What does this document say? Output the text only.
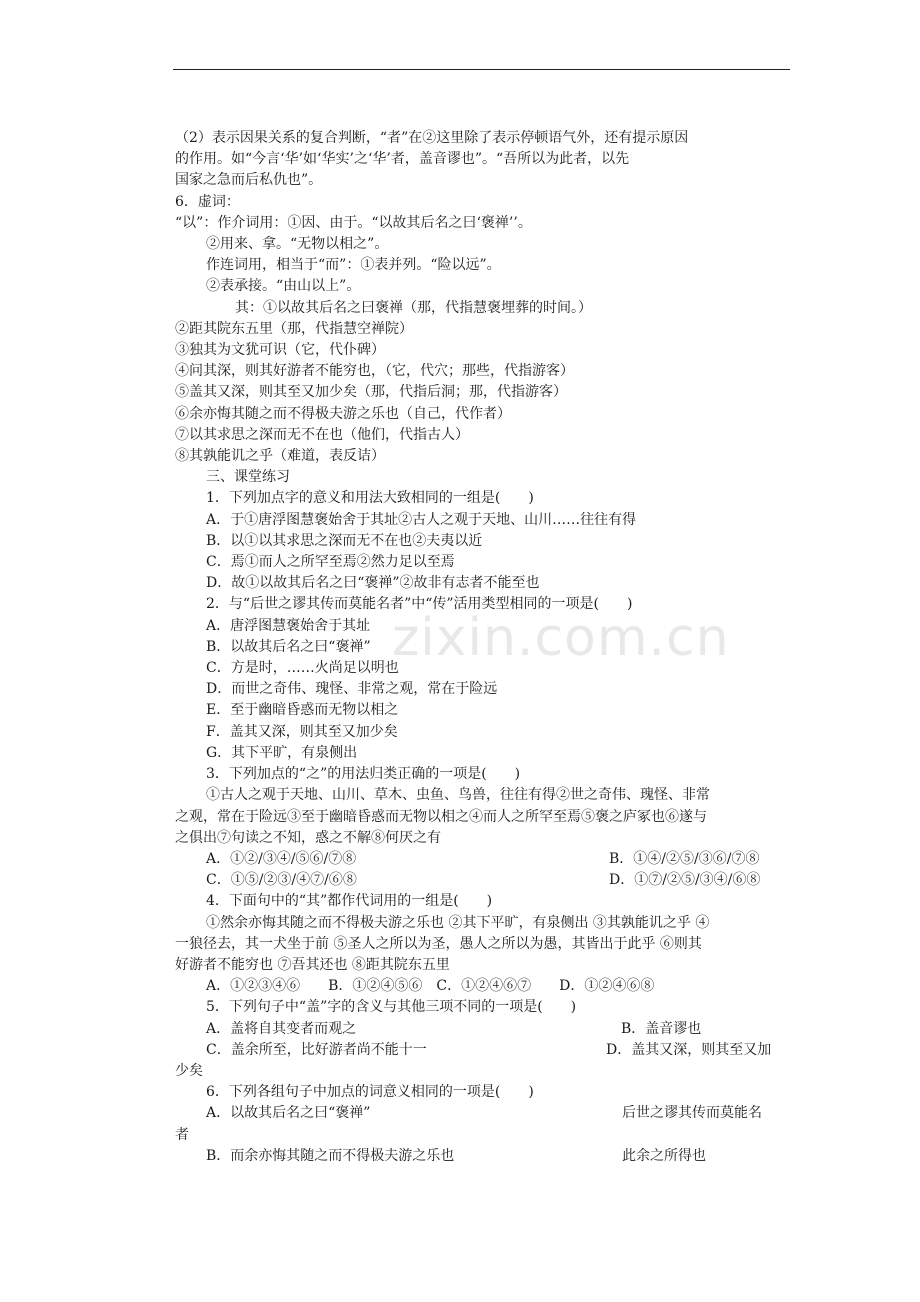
zixin.com.cn
（2）表示因果关系的复合判断，“者”在②这里除了表示停顿语气外，还有提示原因
的作用。如“今言‘华’如‘华实’之‘华’者，盖音谬也”。“吾所以为此者，以先
国家之急而后私仇也”。
6．虚词：
“以”：作介词用：①因、由于。“以故其后名之曰‘褒禅’’。
②用来、拿。“无物以相之”。
作连词用，相当于“而”：①表并列。“险以远”。
②表承接。“由山以上”。
其：①以故其后名之曰褒禅（那，代指慧褒埋葬的时间。）
②距其院东五里（那，代指慧空禅院）
③独其为文犹可识（它，代仆碑）
④问其深，则其好游者不能穷也，（它，代穴；那些，代指游客）
⑤盖其又深，则其至又加少矣（那，代指后洞；那，代指游客）
⑥余亦悔其随之而不得极夫游之乐也（自己，代作者）
⑦以其求思之深而无不在也（他们，代指古人）
⑧其孰能讥之乎（难道，表反诘）
三、课堂练习
1．下列加点字的意义和用法大致相同的一组是(　　)
A．于①唐浮图慧褒始舍于其址②古人之观于天地、山川……往往有得
B．以①以其求思之深而无不在也②夫夷以近
C．焉①而人之所罕至焉②然力足以至焉
D．故①以故其后名之曰“褒禅”②故非有志者不能至也
2．与“后世之谬其传而莫能名者”中“传”活用类型相同的一项是(　　)
A．唐浮图慧褒始舍于其址
B．以故其后名之曰“褒禅”
C．方是时，……火尚足以明也
D．而世之奇伟、瑰怪、非常之观，常在于险远
E．至于幽暗昏惑而无物以相之
F．盖其又深，则其至又加少矣
G．其下平旷，有泉侧出
3．下列加点的“之”的用法归类正确的一项是(　　)
①古人之观于天地、山川、草木、虫鱼、鸟兽，往往有得②世之奇伟、瑰怪、非常
之观，常在于险远③至于幽暗昏惑而无物以相之④而人之所罕至焉⑤褒之庐冢也⑥遂与
之俱出⑦句读之不知，惑之不解⑧何厌之有
A．①②/③④/⑤⑥/⑦⑧	B．①④/②⑤/③⑥/⑦⑧
C．①⑤/②③/④⑦/⑥⑧	D．①⑦/②⑤/③④/⑥⑧
4．下面句中的“其”都作代词用的一组是(　　)
①然余亦悔其随之而不得极夫游之乐也 ②其下平旷，有泉侧出 ③其孰能讥之乎 ④
一狼径去，其一犬坐于前 ⑤圣人之所以为圣，愚人之所以为愚，其皆出于此乎 ⑥则其
好游者不能穷也 ⑦吾其还也 ⑧距其院东五里
A．①②③④⑥　　B．①②④⑤⑥　C．①②④⑥⑦　　D．①②④⑥⑧
5．下列句子中“盖”字的含义与其他三项不同的一项是(　　)
A．盖将自其变者而观之	B．盖音谬也
C．盖余所至，比好游者尚不能十一	D．盖其又深，则其至又加
少矣
6．下列各组句子中加点的词意义相同的一项是(　　)
A．以故其后名之曰“褒禅”	后世之谬其传而莫能名
者
B．而余亦悔其随之而不得极夫游之乐也	此余之所得也
